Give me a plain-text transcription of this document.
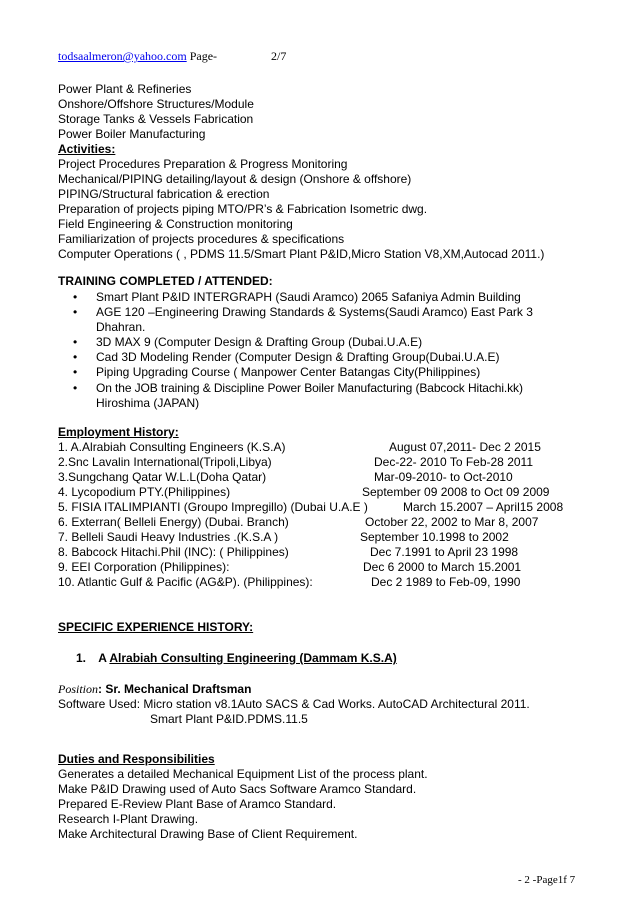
todsaalmeron@yahoo.com Page-	2/7
Power Plant & Refineries
Onshore/Offshore Structures/Module
Storage Tanks & Vessels Fabrication
Power Boiler Manufacturing
Activities:
Project Procedures Preparation & Progress Monitoring
Mechanical/PIPING detailing/layout & design (Onshore & offshore)
PIPING/Structural fabrication & erection
Preparation of projects piping MTO/PR’s & Fabrication Isometric dwg.
Field Engineering & Construction monitoring
Familiarization of projects procedures & specifications
Computer Operations ( , PDMS 11.5/Smart Plant P&ID,Micro Station V8,XM,Autocad 2011.)
TRAINING COMPLETED / ATTENDED:
• Smart Plant P&ID INTERGRAPH (Saudi Aramco) 2065 Safaniya Admin Building
• AGE 120 –Engineering Drawing Standards & Systems(Saudi Aramco) East Park 3
Dhahran.
• 3D MAX 9 (Computer Design & Drafting Group (Dubai.U.A.E)
• Cad 3D Modeling Render (Computer Design & Drafting Group(Dubai.U.A.E)
• Piping Upgrading Course ( Manpower Center Batangas City(Philippines)
• On the JOB training & Discipline Power Boiler Manufacturing (Babcock Hitachi.kk)
Hiroshima (JAPAN)
Employment History:
1. A.Alrabiah Consulting Engineers (K.S.A)	August 07,2011- Dec 2 2015
2.Snc Lavalin International(Tripoli,Libya)	Dec-22- 2010 To Feb-28 2011
3.Sungchang Qatar W.L.L(Doha Qatar)	Mar-09-2010- to Oct-2010
4. Lycopodium PTY.(Philippines)	September 09 2008 to Oct 09 2009
5. FISIA ITALIMPIANTI (Groupo Impregillo) (Dubai U.A.E )	March 15.2007 – April15 2008
6. Exterran( Belleli Energy) (Dubai. Branch)	October 22, 2002 to Mar 8, 2007
7. Belleli Saudi Heavy Industries .(K.S.A )	September 10.1998 to 2002
8. Babcock Hitachi.Phil (INC): ( Philippines)	Dec 7.1991 to April 23 1998
9. EEI Corporation (Philippines):	Dec 6 2000 to March 15.2001
10. Atlantic Gulf & Pacific (AG&P). (Philippines):	Dec 2 1989 to Feb-09, 1990
SPECIFIC EXPERIENCE HISTORY:
1. A Alrabiah Consulting Engineering (Dammam K.S.A)
Position: Sr. Mechanical Draftsman
Software Used: Micro station v8.1Auto SACS & Cad Works. AutoCAD Architectural 2011.
Smart Plant P&ID.PDMS.11.5
Duties and Responsibilities
Generates a detailed Mechanical Equipment List of the process plant.
Make P&ID Drawing used of Auto Sacs Software Aramco Standard.
Prepared E-Review Plant Base of Aramco Standard.
Research I-Plant Drawing.
Make Architectural Drawing Base of Client Requirement.
- 2 -Page1f 7
